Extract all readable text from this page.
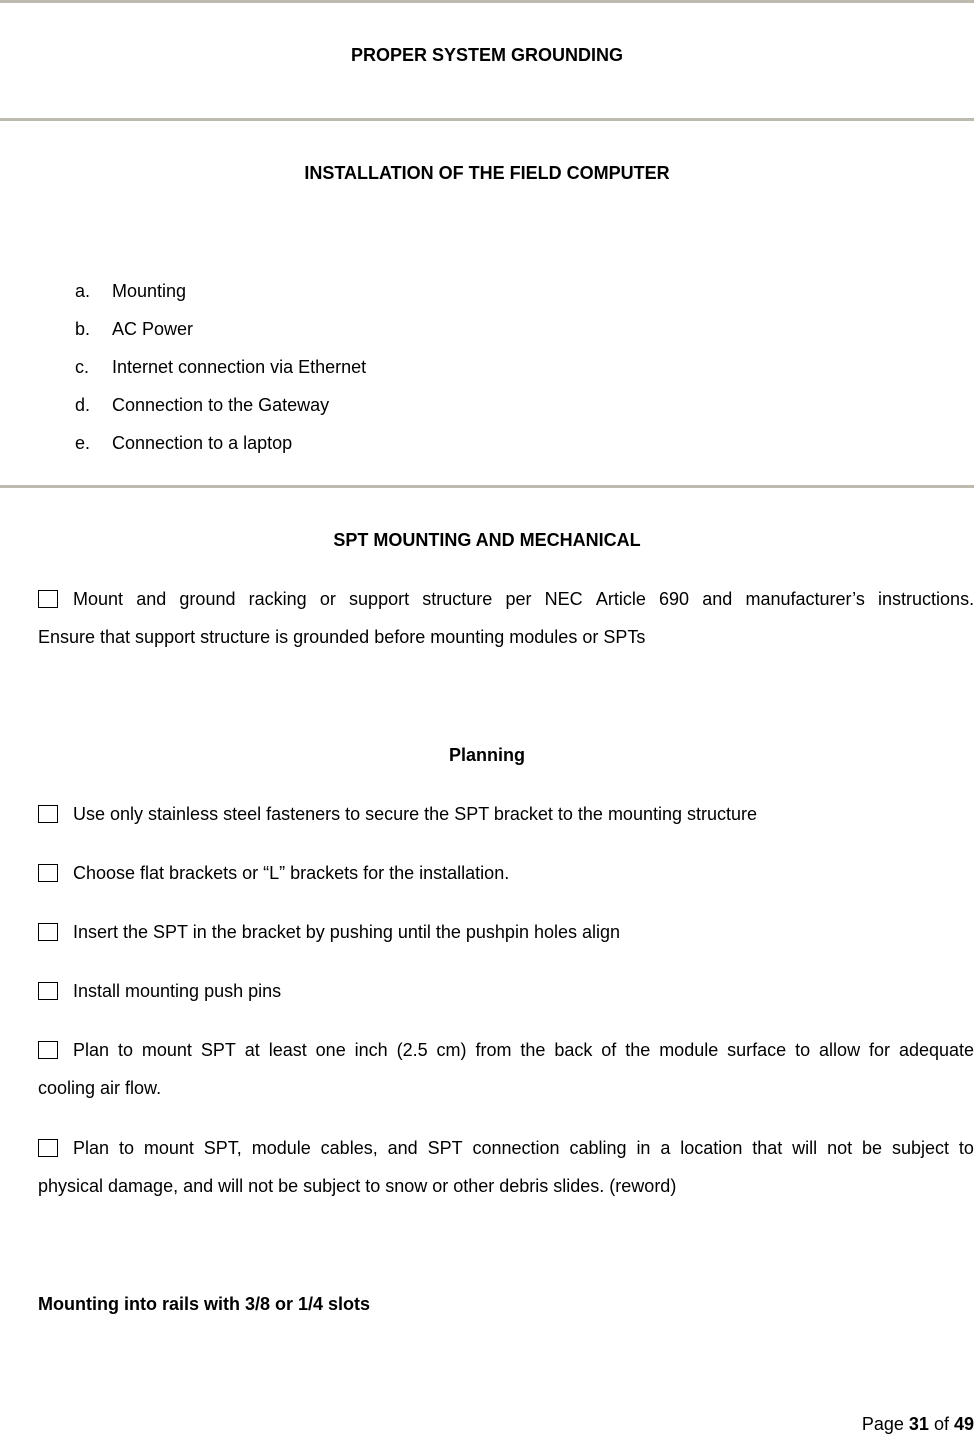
PROPER SYSTEM GROUNDING
INSTALLATION OF THE FIELD COMPUTER
a. Mounting
b. AC Power
c. Internet connection via Ethernet
d. Connection to the Gateway
e. Connection to a laptop
SPT MOUNTING AND MECHANICAL
Mount and ground racking or support structure per NEC Article 690 and manufacturer’s instructions.
Ensure that support structure is grounded before mounting modules or SPTs
Planning
Use only stainless steel fasteners to secure the SPT bracket to the mounting structure
Choose flat brackets or “L” brackets for the installation.
Insert the SPT in the bracket by pushing until the pushpin holes align
Install mounting push pins
Plan to mount SPT at least one inch (2.5 cm) from the back of the module surface to allow for adequate
cooling air flow.
Plan to mount SPT, module cables, and SPT connection cabling in a location that will not be subject to
physical damage, and will not be subject to snow or other debris slides. (reword)
Mounting into rails with 3/8 or 1/4 slots
Page 31 of 49
